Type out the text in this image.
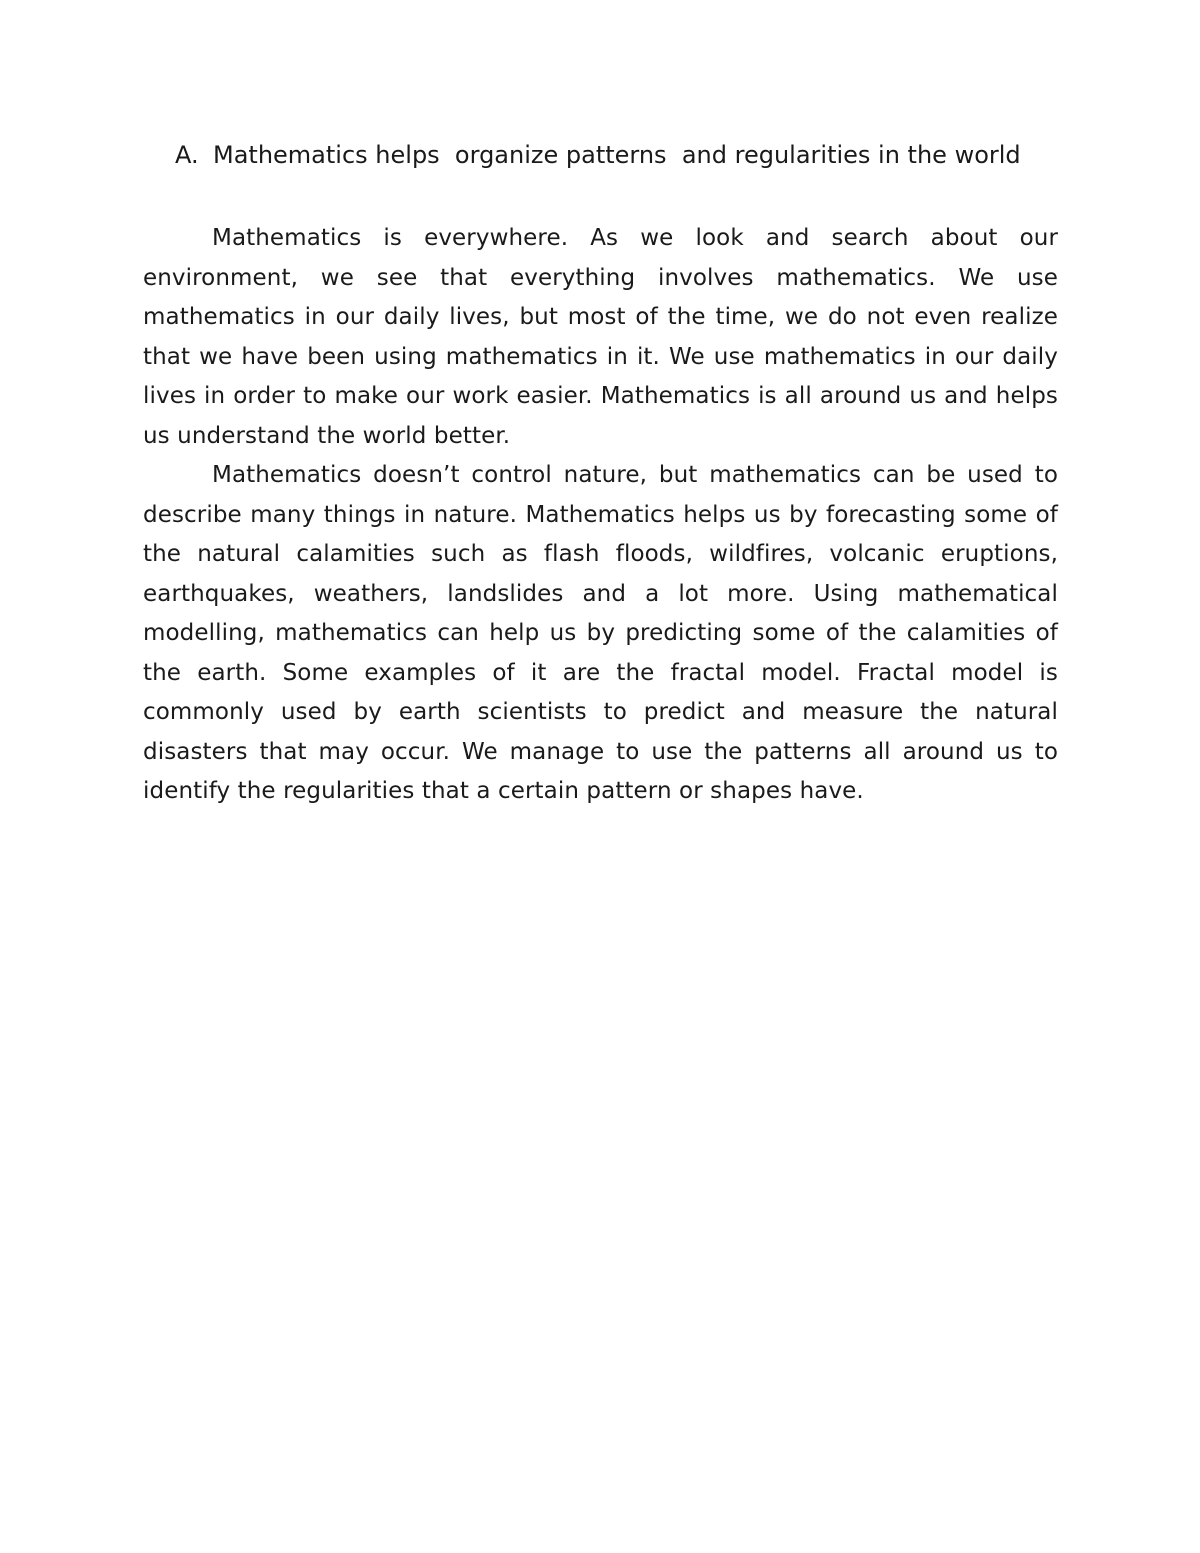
A. Mathematics helps  organize patterns  and regularities in the world

Mathematics is everywhere. As we look and search about our environment, we see that everything involves mathematics. We use mathematics in our daily lives, but most of the time, we do not even realize that we have been using mathematics in it. We use mathematics in our daily lives in order to make our work easier. Mathematics is all around us and helps us understand the world better.

Mathematics doesn’t control nature, but mathematics can be used to describe many things in nature. Mathematics helps us by forecasting some of the natural calamities such as flash floods, wildfires, volcanic eruptions, earthquakes, weathers, landslides and a lot more. Using mathematical modelling, mathematics can help us by predicting some of the calamities of the earth. Some examples of it are the fractal model. Fractal model is commonly used by earth scientists to predict and measure the natural disasters that may occur. We manage to use the patterns all around us to identify the regularities that a certain pattern or shapes have.
